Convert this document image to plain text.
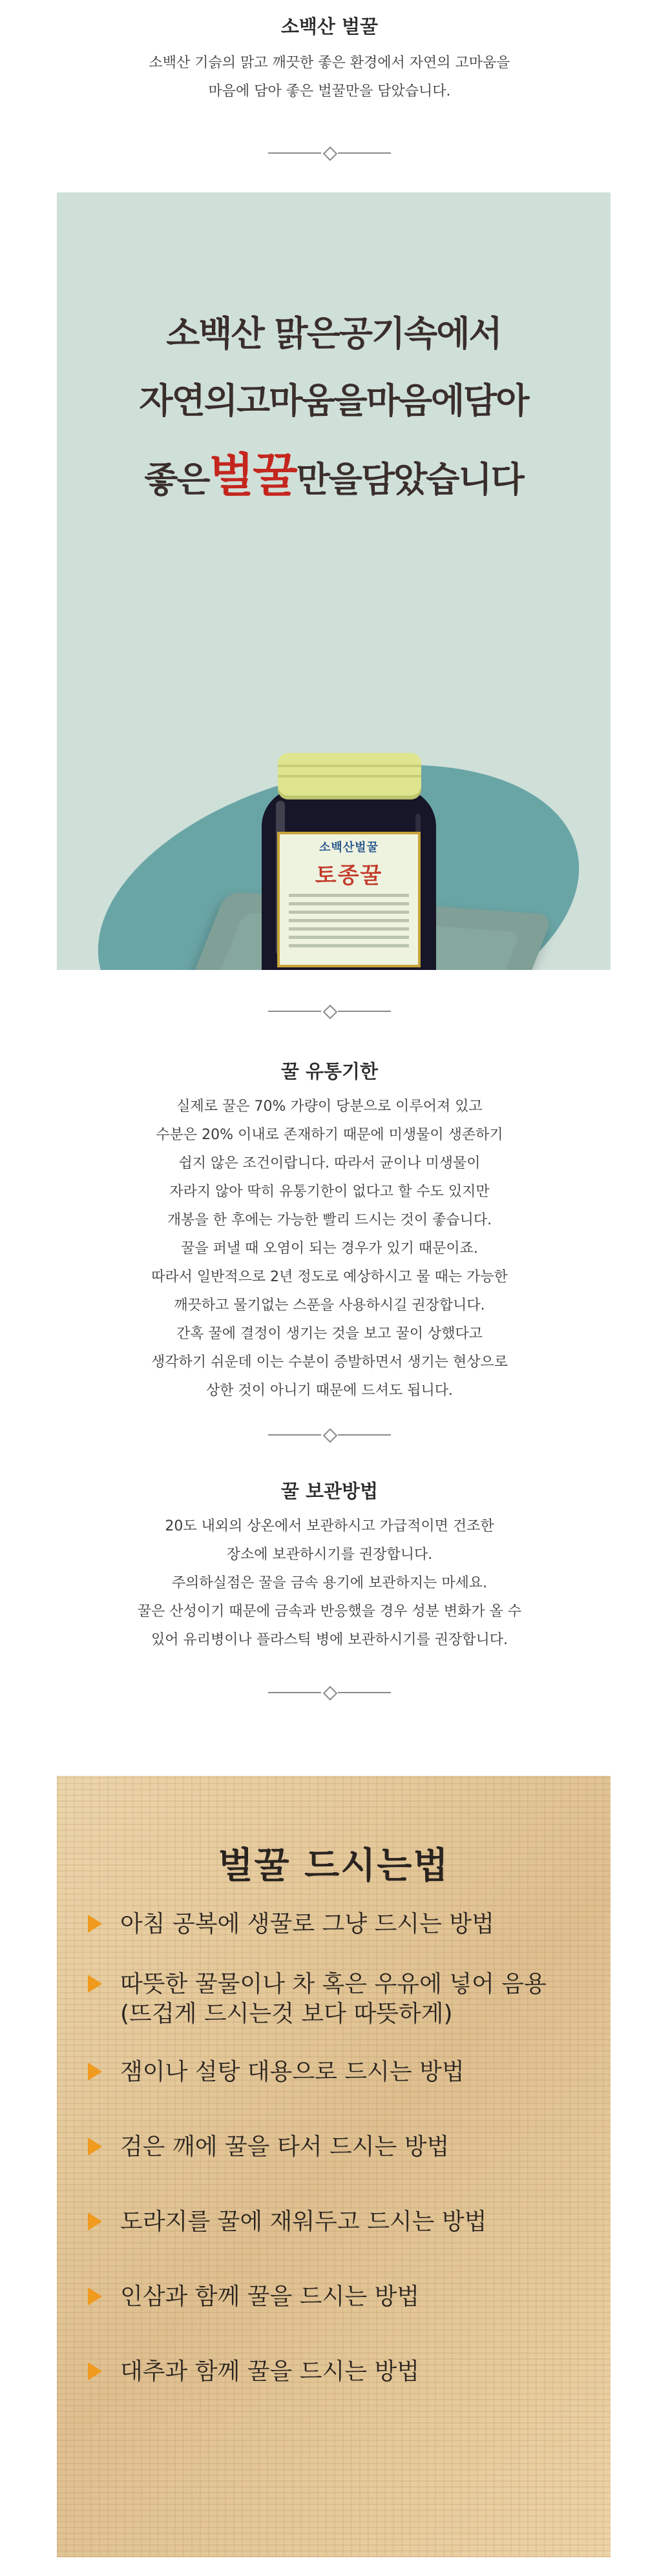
소백산 벌꿀

소백산 기슭의 맑고 깨끗한 좋은 환경에서 자연의 고마움을

마음에 담아 좋은 벌꿀만을 담았습니다.

소백산 맑은공기속에서

자연의고마움을마음에담아

좋은벌꿀만을담았습니다

소백산벌꿀
토종꿀

꿀 유통기한

실제로 꿀은 70% 가량이 당분으로 이루어져 있고

수분은 20% 이내로 존재하기 때문에 미생물이 생존하기

쉽지 않은 조건이랍니다. 따라서 균이나 미생물이

자라지 않아 딱히 유통기한이 없다고 할 수도 있지만

개봉을 한 후에는 가능한 빨리 드시는 것이 좋습니다.

꿀을 퍼낼 때 오염이 되는 경우가 있기 때문이죠.

따라서 일반적으로 2년 정도로 예상하시고 물 때는 가능한

깨끗하고 물기없는 스푼을 사용하시길 권장합니다.

간혹 꿀에 결정이 생기는 것을 보고 꿀이 상했다고

생각하기 쉬운데 이는 수분이 증발하면서 생기는 현상으로

상한 것이 아니기 때문에 드셔도 됩니다.

꿀 보관방법

20도 내외의 상온에서 보관하시고 가급적이면 건조한

장소에 보관하시기를 권장합니다.

주의하실점은 꿀을 금속 용기에 보관하지는 마세요.

꿀은 산성이기 때문에 금속과 반응했을 경우 성분 변화가 올 수

있어 유리병이나 플라스틱 병에 보관하시기를 권장합니다.

벌꿀 드시는법

아침 공복에 생꿀로 그냥 드시는 방법

따뜻한 꿀물이나 차 혹은 우유에 넣어 음용

(뜨겁게 드시는것 보다 따뜻하게)

잼이나 설탕 대용으로 드시는 방법

검은 깨에 꿀을 타서 드시는 방법

도라지를 꿀에 재워두고 드시는 방법

인삼과 함께 꿀을 드시는 방법

대추과 함께 꿀을 드시는 방법
